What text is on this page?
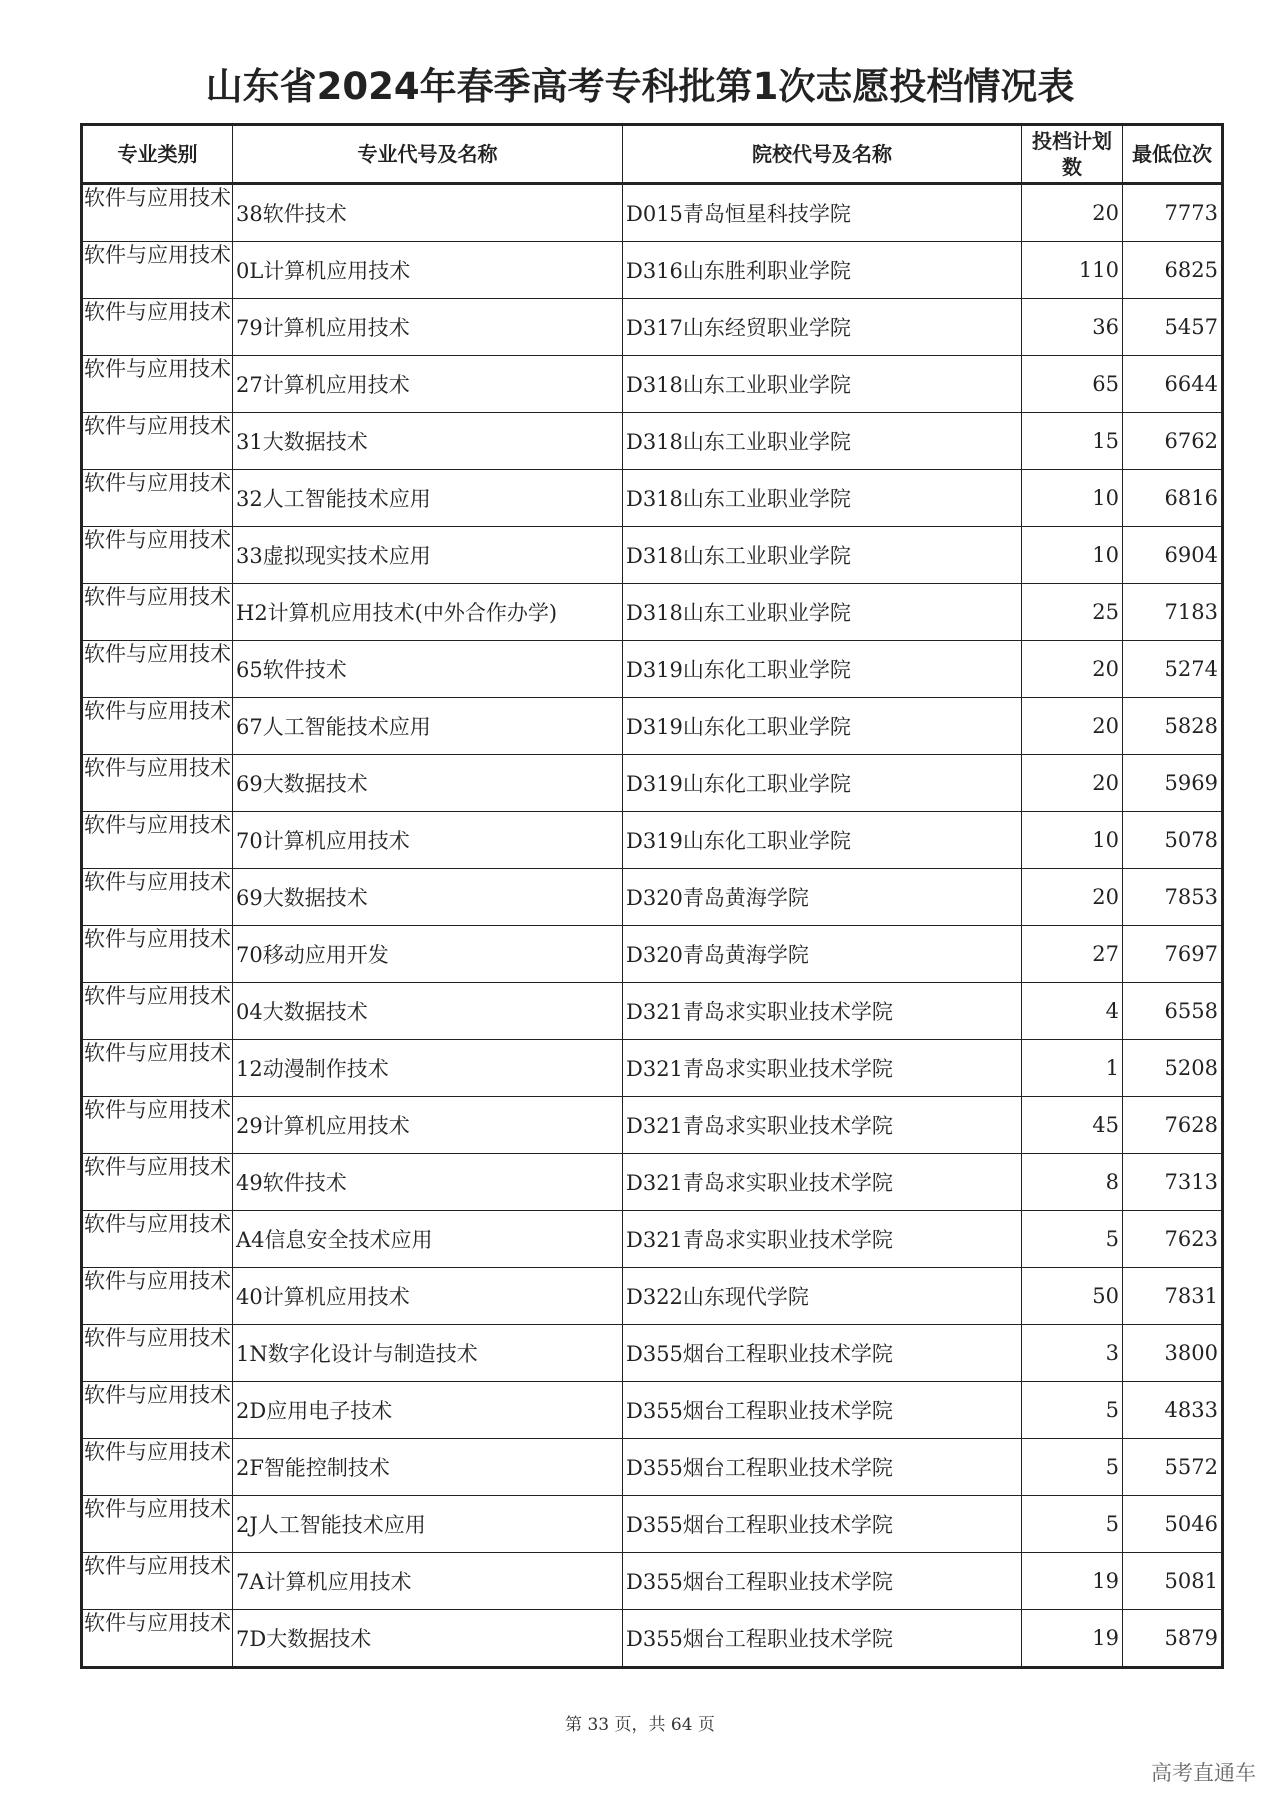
山东省2024年春季高考专科批第1次志愿投档情况表
专业类别	专业代号及名称	院校代号及名称	投档计划数	最低位次
软件与应用技术	38软件技术	D015青岛恒星科技学院	20	7773
软件与应用技术	0L计算机应用技术	D316山东胜利职业学院	110	6825
软件与应用技术	79计算机应用技术	D317山东经贸职业学院	36	5457
软件与应用技术	27计算机应用技术	D318山东工业职业学院	65	6644
软件与应用技术	31大数据技术	D318山东工业职业学院	15	6762
软件与应用技术	32人工智能技术应用	D318山东工业职业学院	10	6816
软件与应用技术	33虚拟现实技术应用	D318山东工业职业学院	10	6904
软件与应用技术	H2计算机应用技术(中外合作办学)	D318山东工业职业学院	25	7183
软件与应用技术	65软件技术	D319山东化工职业学院	20	5274
软件与应用技术	67人工智能技术应用	D319山东化工职业学院	20	5828
软件与应用技术	69大数据技术	D319山东化工职业学院	20	5969
软件与应用技术	70计算机应用技术	D319山东化工职业学院	10	5078
软件与应用技术	69大数据技术	D320青岛黄海学院	20	7853
软件与应用技术	70移动应用开发	D320青岛黄海学院	27	7697
软件与应用技术	04大数据技术	D321青岛求实职业技术学院	4	6558
软件与应用技术	12动漫制作技术	D321青岛求实职业技术学院	1	5208
软件与应用技术	29计算机应用技术	D321青岛求实职业技术学院	45	7628
软件与应用技术	49软件技术	D321青岛求实职业技术学院	8	7313
软件与应用技术	A4信息安全技术应用	D321青岛求实职业技术学院	5	7623
软件与应用技术	40计算机应用技术	D322山东现代学院	50	7831
软件与应用技术	1N数字化设计与制造技术	D355烟台工程职业技术学院	3	3800
软件与应用技术	2D应用电子技术	D355烟台工程职业技术学院	5	4833
软件与应用技术	2F智能控制技术	D355烟台工程职业技术学院	5	5572
软件与应用技术	2J人工智能技术应用	D355烟台工程职业技术学院	5	5046
软件与应用技术	7A计算机应用技术	D355烟台工程职业技术学院	19	5081
软件与应用技术	7D大数据技术	D355烟台工程职业技术学院	19	5879
第 33 页，共 64 页
高考直通车
